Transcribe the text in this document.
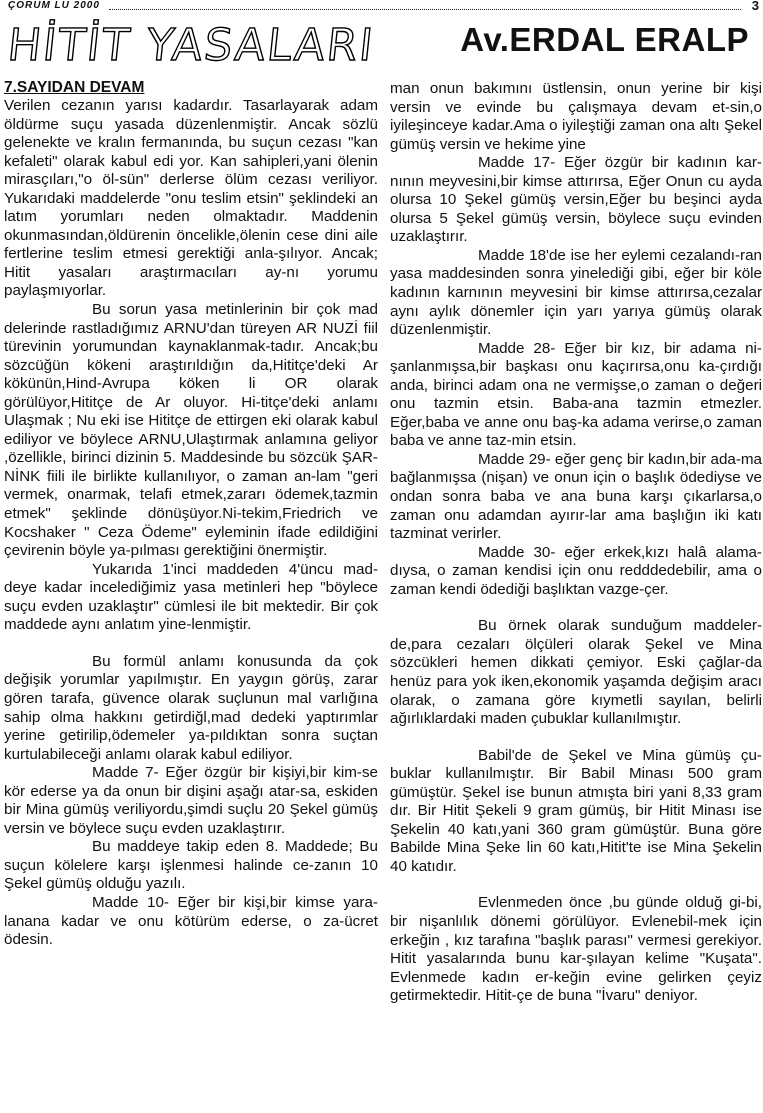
ÇORUM LU 2000	3
HİTİT YASALARI	Av.ERDAL ERALP
7.SAYIDAN DEVAM

Verilen cezanın yarısı kadardır. Tasarlayarak adam öldürme suçu yasada düzenlenmiştir. Ancak sözlü gelenekte ve kralın fermanında, bu suçun cezası "kan kefaleti" olarak kabul edi yor. Kan sahipleri,yani ölenin mirasçıları,"o öl-sün" derlerse ölüm cezası veriliyor. Yukarıdaki maddelerde "onu teslim etsin" şeklindeki an latım yorumları neden olmaktadır. Maddenin okunmasından,öldürenin öncelikle,ölenin cese dini aile fertlerine teslim etmesi gerektiği anla-şılıyor. Ancak; Hitit yasaları araştırmacıları ay-nı yorumu paylaşmıyorlar.

Bu sorun yasa metinlerinin bir çok mad delerinde rastladığımız ARNU'dan türeyen AR NUZİ fiil türevinin yorumundan kaynaklanmak-tadır. Ancak;bu sözcüğün kökeni araştırıldığın da,Hititçe'deki Ar kökünün,Hind-Avrupa köken li OR olarak görülüyor,Hititçe de Ar oluyor. Hi-titçe'deki anlamı Ulaşmak ; Nu eki ise Hititçe de ettirgen eki olarak kabul ediliyor ve böylece ARNU,Ulaştırmak anlamına geliyor ,özellikle, birinci dizinin 5. Maddesinde bu sözcük ŞAR-NİNK fiili ile birlikte kullanılıyor, o zaman an-lam "geri vermek, onarmak, telafi etmek,zararı ödemek,tazmin etmek" şeklinde dönüşüyor.Ni-tekim,Friedrich ve Kocshaker " Ceza Ödeme" eyleminin ifade edildiğini çevirenin böyle ya-pılması gerektiğini önermiştir.

Yukarıda 1'inci maddeden 4'üncu mad-deye kadar incelediğimiz yasa metinleri hep "böylece suçu evden uzaklaştır" cümlesi ile bit mektedir. Bir çok maddede aynı anlatım yine-lenmiştir.

Bu formül anlamı konusunda da çok değişik yorumlar yapılmıştır. En yaygın görüş, zarar gören tarafa, güvence olarak suçlunun mal varlığına sahip olma hakkını getirdiğl,mad dedeki yaptırımlar yerine getirilip,ödemeler ya-pıldıktan sonra suçtan kurtulabileceği anlamı olarak kabul ediliyor.

Madde 7- Eğer özgür bir kişiyi,bir kim-se kör ederse ya da onun bir dişini aşağı atar-sa, eskiden bir Mina gümüş veriliyordu,şimdi suçlu 20 Şekel gümüş versin ve böylece suçu evden uzaklaştırır.

Bu maddeye takip eden 8. Maddede; Bu suçun kölelere karşı işlenmesi halinde ce-zanın 10 Şekel gümüş olduğu yazılı.

Madde 10- Eğer bir kişi,bir kimse yara-lanana kadar ve onu kötürüm ederse, o za-ücret ödesin.

man onun bakımını üstlensin, onun yerine bir kişi versin ve evinde bu çalışmaya devam et-sin,o iyileşinceye kadar.Ama o iyileştiği zaman ona altı Şekel gümüş versin ve hekime yine

Madde 17- Eğer özgür bir kadının kar-nının meyvesini,bir kimse attırırsa, Eğer Onun cu ayda olursa 10 Şekel gümüş versin,Eğer bu beşinci ayda olursa 5 Şekel gümüş versin, böylece suçu evinden uzaklaştırır.

Madde 18'de ise her eylemi cezalandı-ran yasa maddesinden sonra yinelediği gibi, eğer bir köle kadının karnının meyvesini bir kimse attırırsa,cezalar aynı aylık dönemler için yarı yarıya gümüş olarak düzenlenmiştir.

Madde 28- Eğer bir kız, bir adama ni-şanlanmışsa,bir başkası onu kaçırırsa,onu ka-çırdığı anda, birinci adam ona ne vermişse,o zaman o değeri onu tazmin etsin. Baba-ana tazmin etmezler. Eğer,baba ve anne onu baş-ka adama verirse,o zaman baba ve anne taz-min etsin.

Madde 29- eğer genç bir kadın,bir ada-ma bağlanmışsa (nişan) ve onun için o başlık ödediyse ve ondan sonra baba ve ana buna karşı çıkarlarsa,o zaman onu adamdan ayırır-lar ama başlığın iki katı tazminat verirler.

Madde 30- eğer erkek,kızı halâ alama-dıysa, o zaman kendisi için onu redddedebilir, ama o zaman kendi ödediği başlıktan vazge-çer.

Bu örnek olarak sunduğum maddeler-de,para cezaları ölçüleri olarak Şekel ve Mina sözcükleri hemen dikkati çemiyor. Eski çağlar-da henüz para yok iken,ekonomik yaşamda değişim aracı olarak, o zamana göre kıymetli sayılan, belirli ağırlıklardaki maden çubuklar kullanılmıştır.

Babil'de de Şekel ve Mina gümüş çu-buklar kullanılmıştır. Bir Babil Minası 500 gram gümüştür. Şekel ise bunun atmışta biri yani 8,33 gram dır. Bir Hitit Şekeli 9 gram gümüş, bir Hitit Minası ise Şekelin 40 katı,yani 360 gram gümüştür. Buna göre Babilde Mina Şeke lin 60 katı,Hitit'te ise Mina Şekelin 40 katıdır.

Evlenmeden önce ,bu günde olduğ gi-bi, bir nişanlılık dönemi görülüyor. Evlenebil-mek için erkeğin , kız tarafına "başlık parası" vermesi gerekiyor. Hitit yasalarında bunu kar-şılayan kelime "Kuşata". Evlenmede kadın er-keğin evine gelirken çeyiz getirmektedir. Hitit-çe de buna "İvaru" deniyor.
